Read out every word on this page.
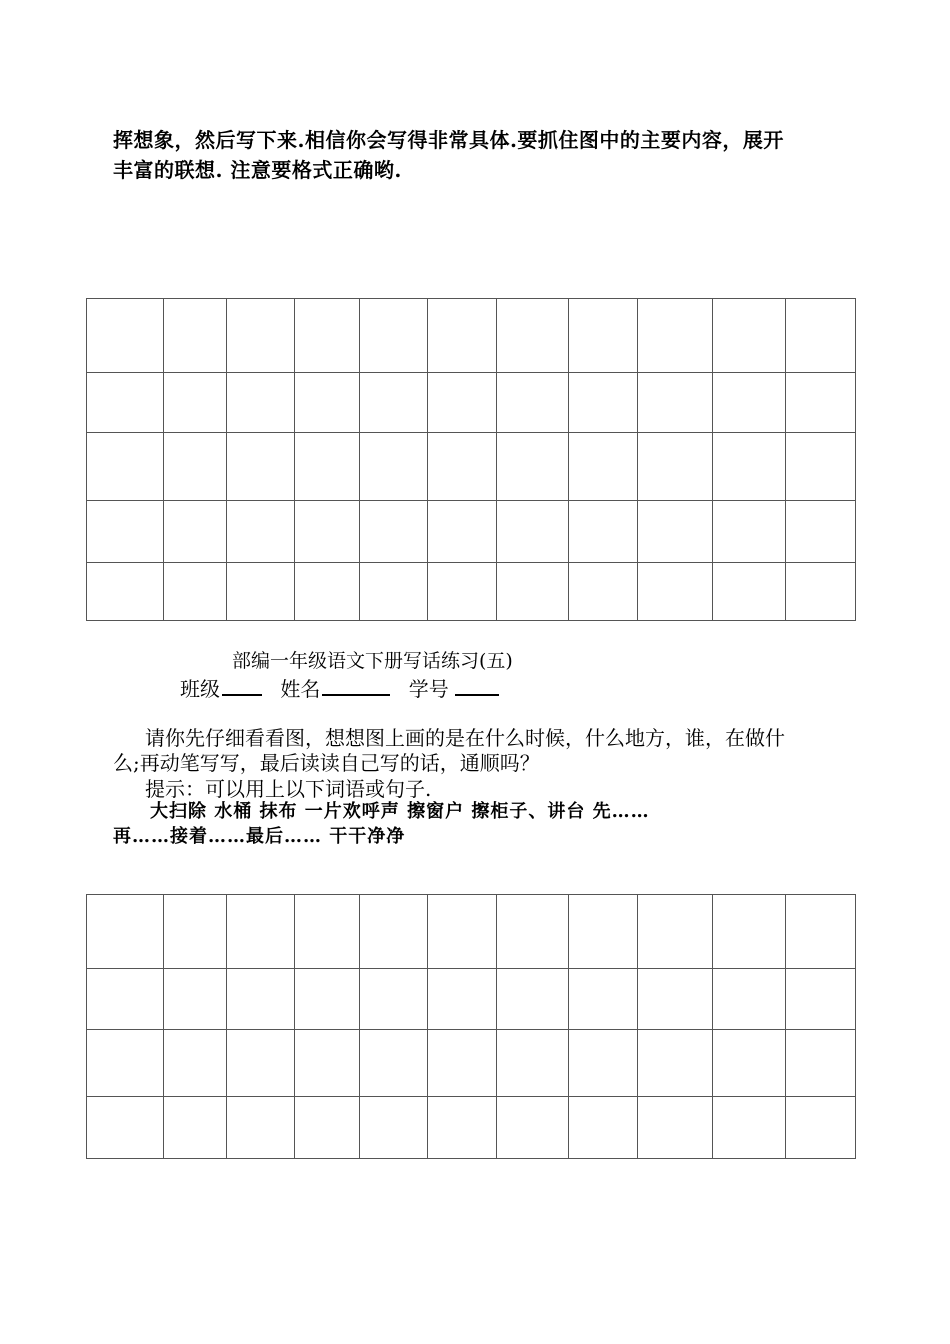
挥想象，然后写下来.相信你会写得非常具体.要抓住图中的主要内容，展开
丰富的联想. 注意要格式正确哟.

部编一年级语文下册写话练习(五)
班级	姓名	学号
请你先仔细看看图，想想图上画的是在什么时候，什么地方，谁，在做什
么;再动笔写写，最后读读自己写的话，通顺吗？
提示：可以用上以下词语或句子.
大扫除 水桶 抹布 一片欢呼声 擦窗户 擦柜子、讲台 先……
再……接着……最后…… 干干净净
